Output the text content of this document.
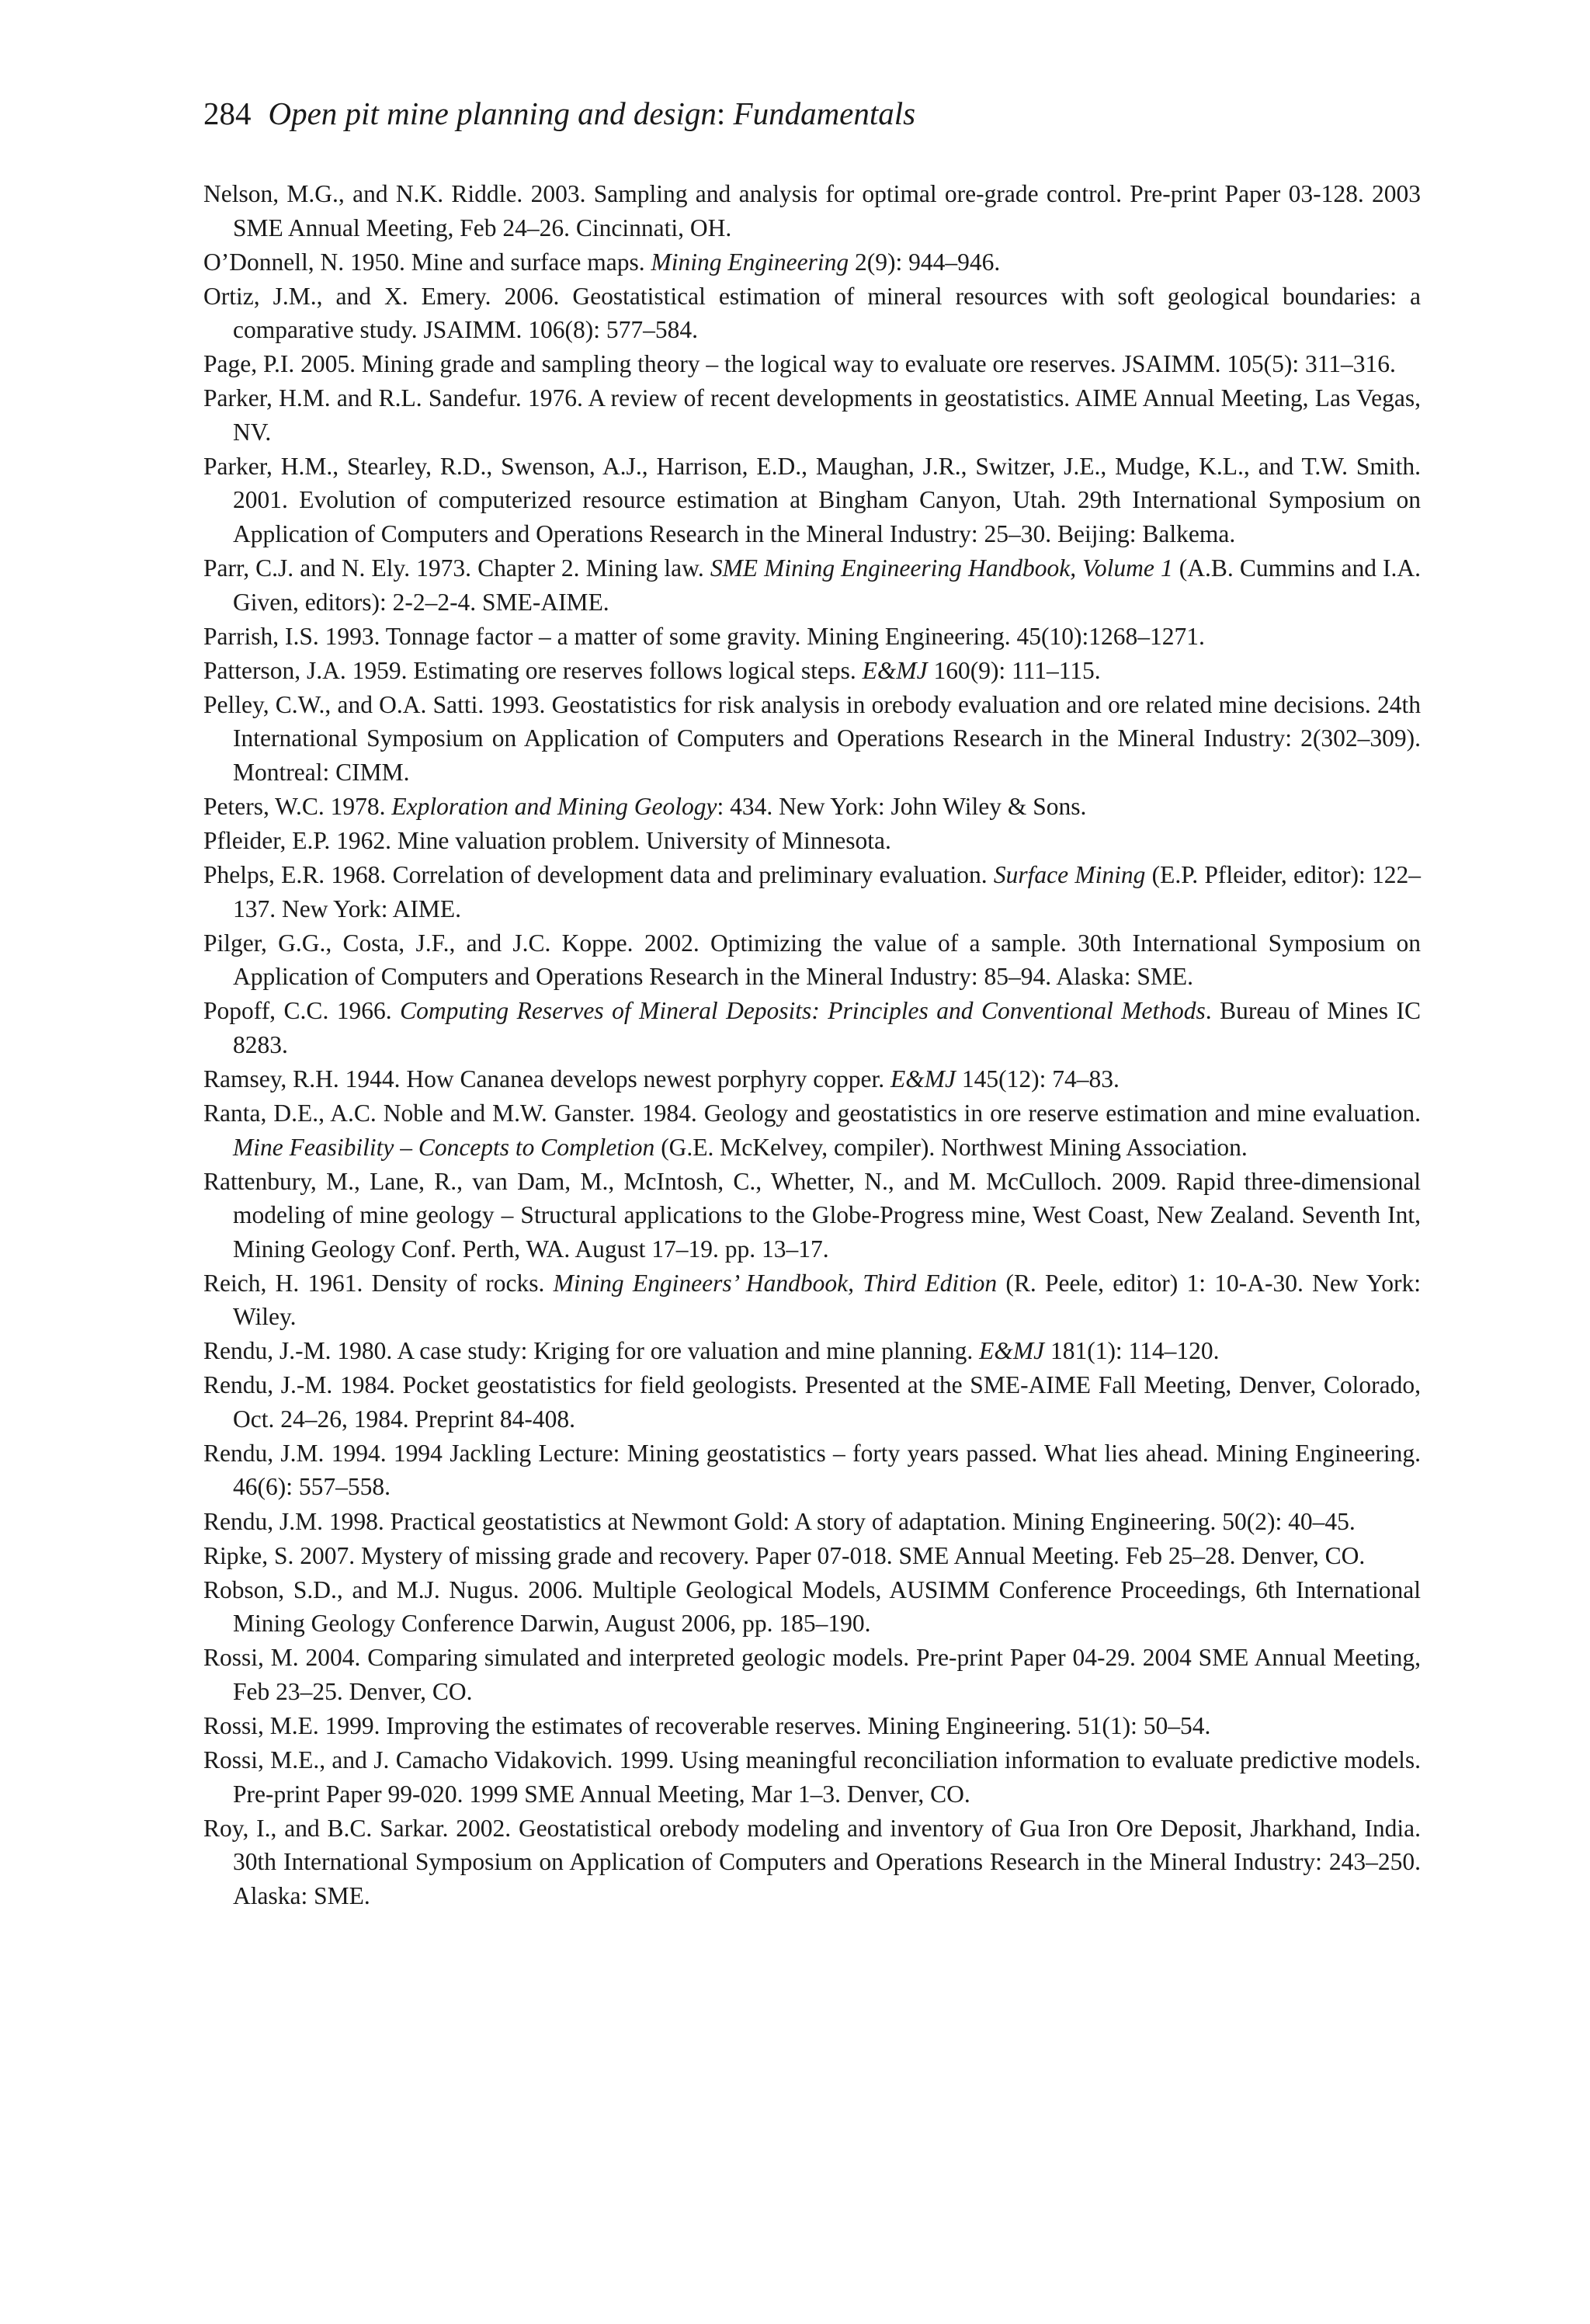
284 Open pit mine planning and design: Fundamentals
Nelson, M.G., and N.K. Riddle. 2003. Sampling and analysis for optimal ore-grade control. Pre-print Paper 03-128. 2003 SME Annual Meeting, Feb 24–26. Cincinnati, OH.
O’Donnell, N. 1950. Mine and surface maps. Mining Engineering 2(9): 944–946.
Ortiz, J.M., and X. Emery. 2006. Geostatistical estimation of mineral resources with soft geological boundaries: a comparative study. JSAIMM. 106(8): 577–584.
Page, P.I. 2005. Mining grade and sampling theory – the logical way to evaluate ore reserves. JSAIMM. 105(5): 311–316.
Parker, H.M. and R.L. Sandefur. 1976. A review of recent developments in geostatistics. AIME Annual Meeting, Las Vegas, NV.
Parker, H.M., Stearley, R.D., Swenson, A.J., Harrison, E.D., Maughan, J.R., Switzer, J.E., Mudge, K.L., and T.W. Smith. 2001. Evolution of computerized resource estimation at Bingham Canyon, Utah. 29th International Symposium on Application of Computers and Operations Research in the Mineral Industry: 25–30. Beijing: Balkema.
Parr, C.J. and N. Ely. 1973. Chapter 2. Mining law. SME Mining Engineering Handbook, Volume 1 (A.B. Cummins and I.A. Given, editors): 2-2–2-4. SME-AIME.
Parrish, I.S. 1993. Tonnage factor – a matter of some gravity. Mining Engineering. 45(10):1268–1271.
Patterson, J.A. 1959. Estimating ore reserves follows logical steps. E&MJ 160(9): 111–115.
Pelley, C.W., and O.A. Satti. 1993. Geostatistics for risk analysis in orebody evaluation and ore related mine decisions. 24th International Symposium on Application of Computers and Operations Research in the Mineral Industry: 2(302–309). Montreal: CIMM.
Peters, W.C. 1978. Exploration and Mining Geology: 434. New York: John Wiley & Sons.
Pfleider, E.P. 1962. Mine valuation problem. University of Minnesota.
Phelps, E.R. 1968. Correlation of development data and preliminary evaluation. Surface Mining (E.P. Pfleider, editor): 122–137. New York: AIME.
Pilger, G.G., Costa, J.F., and J.C. Koppe. 2002. Optimizing the value of a sample. 30th International Symposium on Application of Computers and Operations Research in the Mineral Industry: 85–94. Alaska: SME.
Popoff, C.C. 1966. Computing Reserves of Mineral Deposits: Principles and Conventional Methods. Bureau of Mines IC 8283.
Ramsey, R.H. 1944. How Cananea develops newest porphyry copper. E&MJ 145(12): 74–83.
Ranta, D.E., A.C. Noble and M.W. Ganster. 1984. Geology and geostatistics in ore reserve estimation and mine evaluation. Mine Feasibility – Concepts to Completion (G.E. McKelvey, compiler). Northwest Mining Association.
Rattenbury, M., Lane, R., van Dam, M., McIntosh, C., Whetter, N., and M. McCulloch. 2009. Rapid three-dimensional modeling of mine geology – Structural applications to the Globe-Progress mine, West Coast, New Zealand. Seventh Int, Mining Geology Conf. Perth, WA. August 17–19. pp. 13–17.
Reich, H. 1961. Density of rocks. Mining Engineers’ Handbook, Third Edition (R. Peele, editor) 1: 10-A-30. New York: Wiley.
Rendu, J.-M. 1980. A case study: Kriging for ore valuation and mine planning. E&MJ 181(1): 114–120.
Rendu, J.-M. 1984. Pocket geostatistics for field geologists. Presented at the SME-AIME Fall Meeting, Denver, Colorado, Oct. 24–26, 1984. Preprint 84-408.
Rendu, J.M. 1994. 1994 Jackling Lecture: Mining geostatistics – forty years passed. What lies ahead. Mining Engineering. 46(6): 557–558.
Rendu, J.M. 1998. Practical geostatistics at Newmont Gold: A story of adaptation. Mining Engineering. 50(2): 40–45.
Ripke, S. 2007. Mystery of missing grade and recovery. Paper 07-018. SME Annual Meeting. Feb 25–28. Denver, CO.
Robson, S.D., and M.J. Nugus. 2006. Multiple Geological Models, AUSIMM Conference Proceedings, 6th International Mining Geology Conference Darwin, August 2006, pp. 185–190.
Rossi, M. 2004. Comparing simulated and interpreted geologic models. Pre-print Paper 04-29. 2004 SME Annual Meeting, Feb 23–25. Denver, CO.
Rossi, M.E. 1999. Improving the estimates of recoverable reserves. Mining Engineering. 51(1): 50–54.
Rossi, M.E., and J. Camacho Vidakovich. 1999. Using meaningful reconciliation information to evaluate predictive models. Pre-print Paper 99-020. 1999 SME Annual Meeting, Mar 1–3. Denver, CO.
Roy, I., and B.C. Sarkar. 2002. Geostatistical orebody modeling and inventory of Gua Iron Ore Deposit, Jharkhand, India. 30th International Symposium on Application of Computers and Operations Research in the Mineral Industry: 243–250. Alaska: SME.
